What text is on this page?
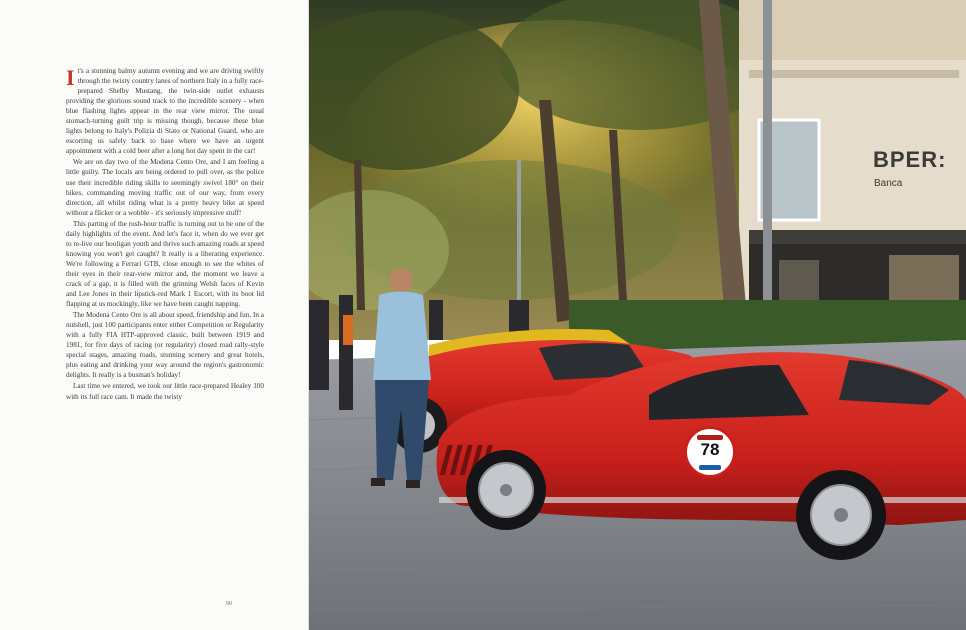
It's a stunning balmy autumn evening and we are driving swiftly through the twisty country lanes of northern Italy in a fully race-prepared Shelby Mustang, the twin-side outlet exhausts providing the glorious sound track to the incredible scenery - when blue flashing lights appear in the rear view mirror. The usual stomach-turning guilt trip is missing though, because these blue lights belong to Italy's Polizia di Stato or National Guard, who are escorting us safely back to base where we have an urgent appointment with a cold beer after a long hot day spent in the car!

We are on day two of the Modena Cento Ore, and I am feeling a little guilty. The locals are being ordered to pull over, as the police use their incredible riding skills to seemingly swivel 180° on their bikes, commanding moving traffic out of our way, from every direction, all whilst riding what is a pretty heavy bike at speed without a flicker or a wobble - it's seriously impressive stuff!

This parting of the rush-hour traffic is turning out to be one of the daily highlights of the event. And let's face it, when do we ever get to re-live our hooligan youth and thrive such amazing roads at speed knowing you won't get caught? It really is a liberating experience. We're following a Ferrari GTB, close enough to see the whites of their eyes in their rear-view mirror and, the moment we leave a crack of a gap, it is filled with the grinning Welsh faces of Kevin and Lee Jones in their lipstick-red Mark 1 Escort, with its boot lid flapping at us mockingly, like we have been caught napping.

The Modena Cento Ore is all about speed, friendship and fun. In a nutshell, just 100 participants enter either Competition or Regularity with a fully FIA HTP-approved classic, built between 1919 and 1981, for five days of racing (or regularity) closed road rally-style special stages, amazing roads, stunning scenery and great hotels, plus eating and drinking your way around the region's gastronomic delights. It really is a busman's holiday!

Last time we entered, we took our little race-prepared Healey 100 with its full race cam. It made the twisty

90
BPER:
Banca
78
